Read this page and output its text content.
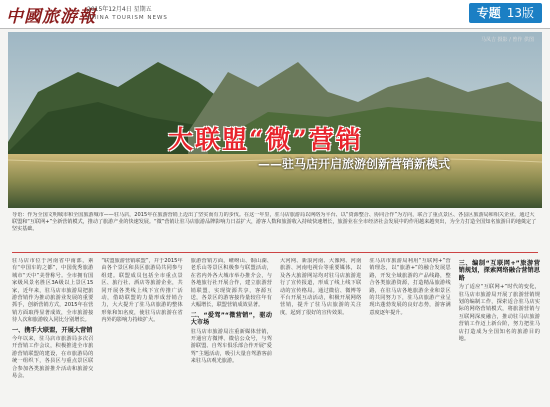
中國旅游報
2015年12月4日 星期五
CHINA TOURISM NEWS	专题 13版
马凤吉 摄影 / 曾作 供图
大联盟“微”营销
——驻马店开启旅游创新营销新模式
导语：作为全国文明城市和全国旅游城市——驻马店，2015年在旅游营销上迈出了坚实而有力的步伐。在这一年里，驻马店旅游局以网络为平台、以“资源整合、协同合作”为方向，联合了重点景区、各县区旅游局和相关企业，通过大联盟和“互联网+”全新营销模式，推动了旅游产业的快速发展。“微”营销让驻马店旅游品牌影响力日益扩大，游客人数和旅游收入持续快速增长，旅游业在全市经济社会发展中的作用越来越突出，为全力打造全国知名旅游目的地奠定了坚实基础。
驻马店市位于河南省中南部，素有“中国车的之都”，中国优秀旅游城市“天中”美誉称号。全市拥有国家级风景名胜区3A级以上景区15家，近年来，驻马店市旅游局把旅游营销作为推动旅游业发展的重要抓手，创新营销方式，2015年在营销方面取得显著成效，全市旅游接待人次和旅游收入同比分别增长。
一、携手大联盟，开展大营销
今年以来，驻马店市旅游局多次召开营销工作会议，积极推进全市旅游营销联盟的建设，在市旅游局的统一组织下，各县区与重点景区联合参加各类旅游推介活动和旅游交易会。
“联盟旅游营销联盟”，并于2015年由各个景区和县区旅游局共同参与组建。联盟成员包括全市重点景区、旅行社、酒店等旅游企业，共同开展各类线上线下宣传推广活动，借助联盟的力量形成营销合力，大大提升了驻马店旅游的整体形象和知名度，使驻马店旅游在省内外的影响力持续扩大。
旅游营销方面，嵖岈山、铜山湖、老乐山等景区积极参与联盟活动，在省内外各大城市举办推介会，与各地旅行社开展合作，建立旅游营销联盟，实现资源共享，客源互送，各景区的游客接待量较往年有大幅增长，联盟营销成效显著。
二、“爱驾”“微营销”，驱动大市场
驻马店市旅游局注重新媒体营销，开通官方微博、微信公众号，与驾游联盟、自驾车俱乐部合作开展“爱驾”主题活动，吸引大量自驾游客前来驻马店观光旅游。
大河网、新浪河南、大豫网、河南旅游、河南电视台等重要媒体，以及各大旅游网站均对驻马店旅游进行了宣传报道，形成了线上线下联动的宣传格局。通过微信、微博等平台开展互动活动，积极开展网络营销，提升了驻马店旅游的关注度，起到了很好的宣传效果。
驻马店市旅游局利用“互联网+”营销理念，以“旅游+”的融合发展思路，开发全域旅游的产品线路，整合各类旅游资源，打造精品旅游线路，在驻马店各地旅游企业和景区的共同努力下，驻马店旅游产业呈现出蓬勃发展的良好态势，游客满意度逐年提升。
三、编制“互联网+”旅游营销规划，探索网络融合营销思路
为了适应“互联网+”时代的变化，驻马店市旅游局开展了旅游营销规划的编制工作，探索适合驻马店实际的网络营销模式，将旅游营销与互联网深度融合，推动驻马店旅游营销工作迈上新台阶，努力把驻马店打造成为全国知名的旅游目的地。
